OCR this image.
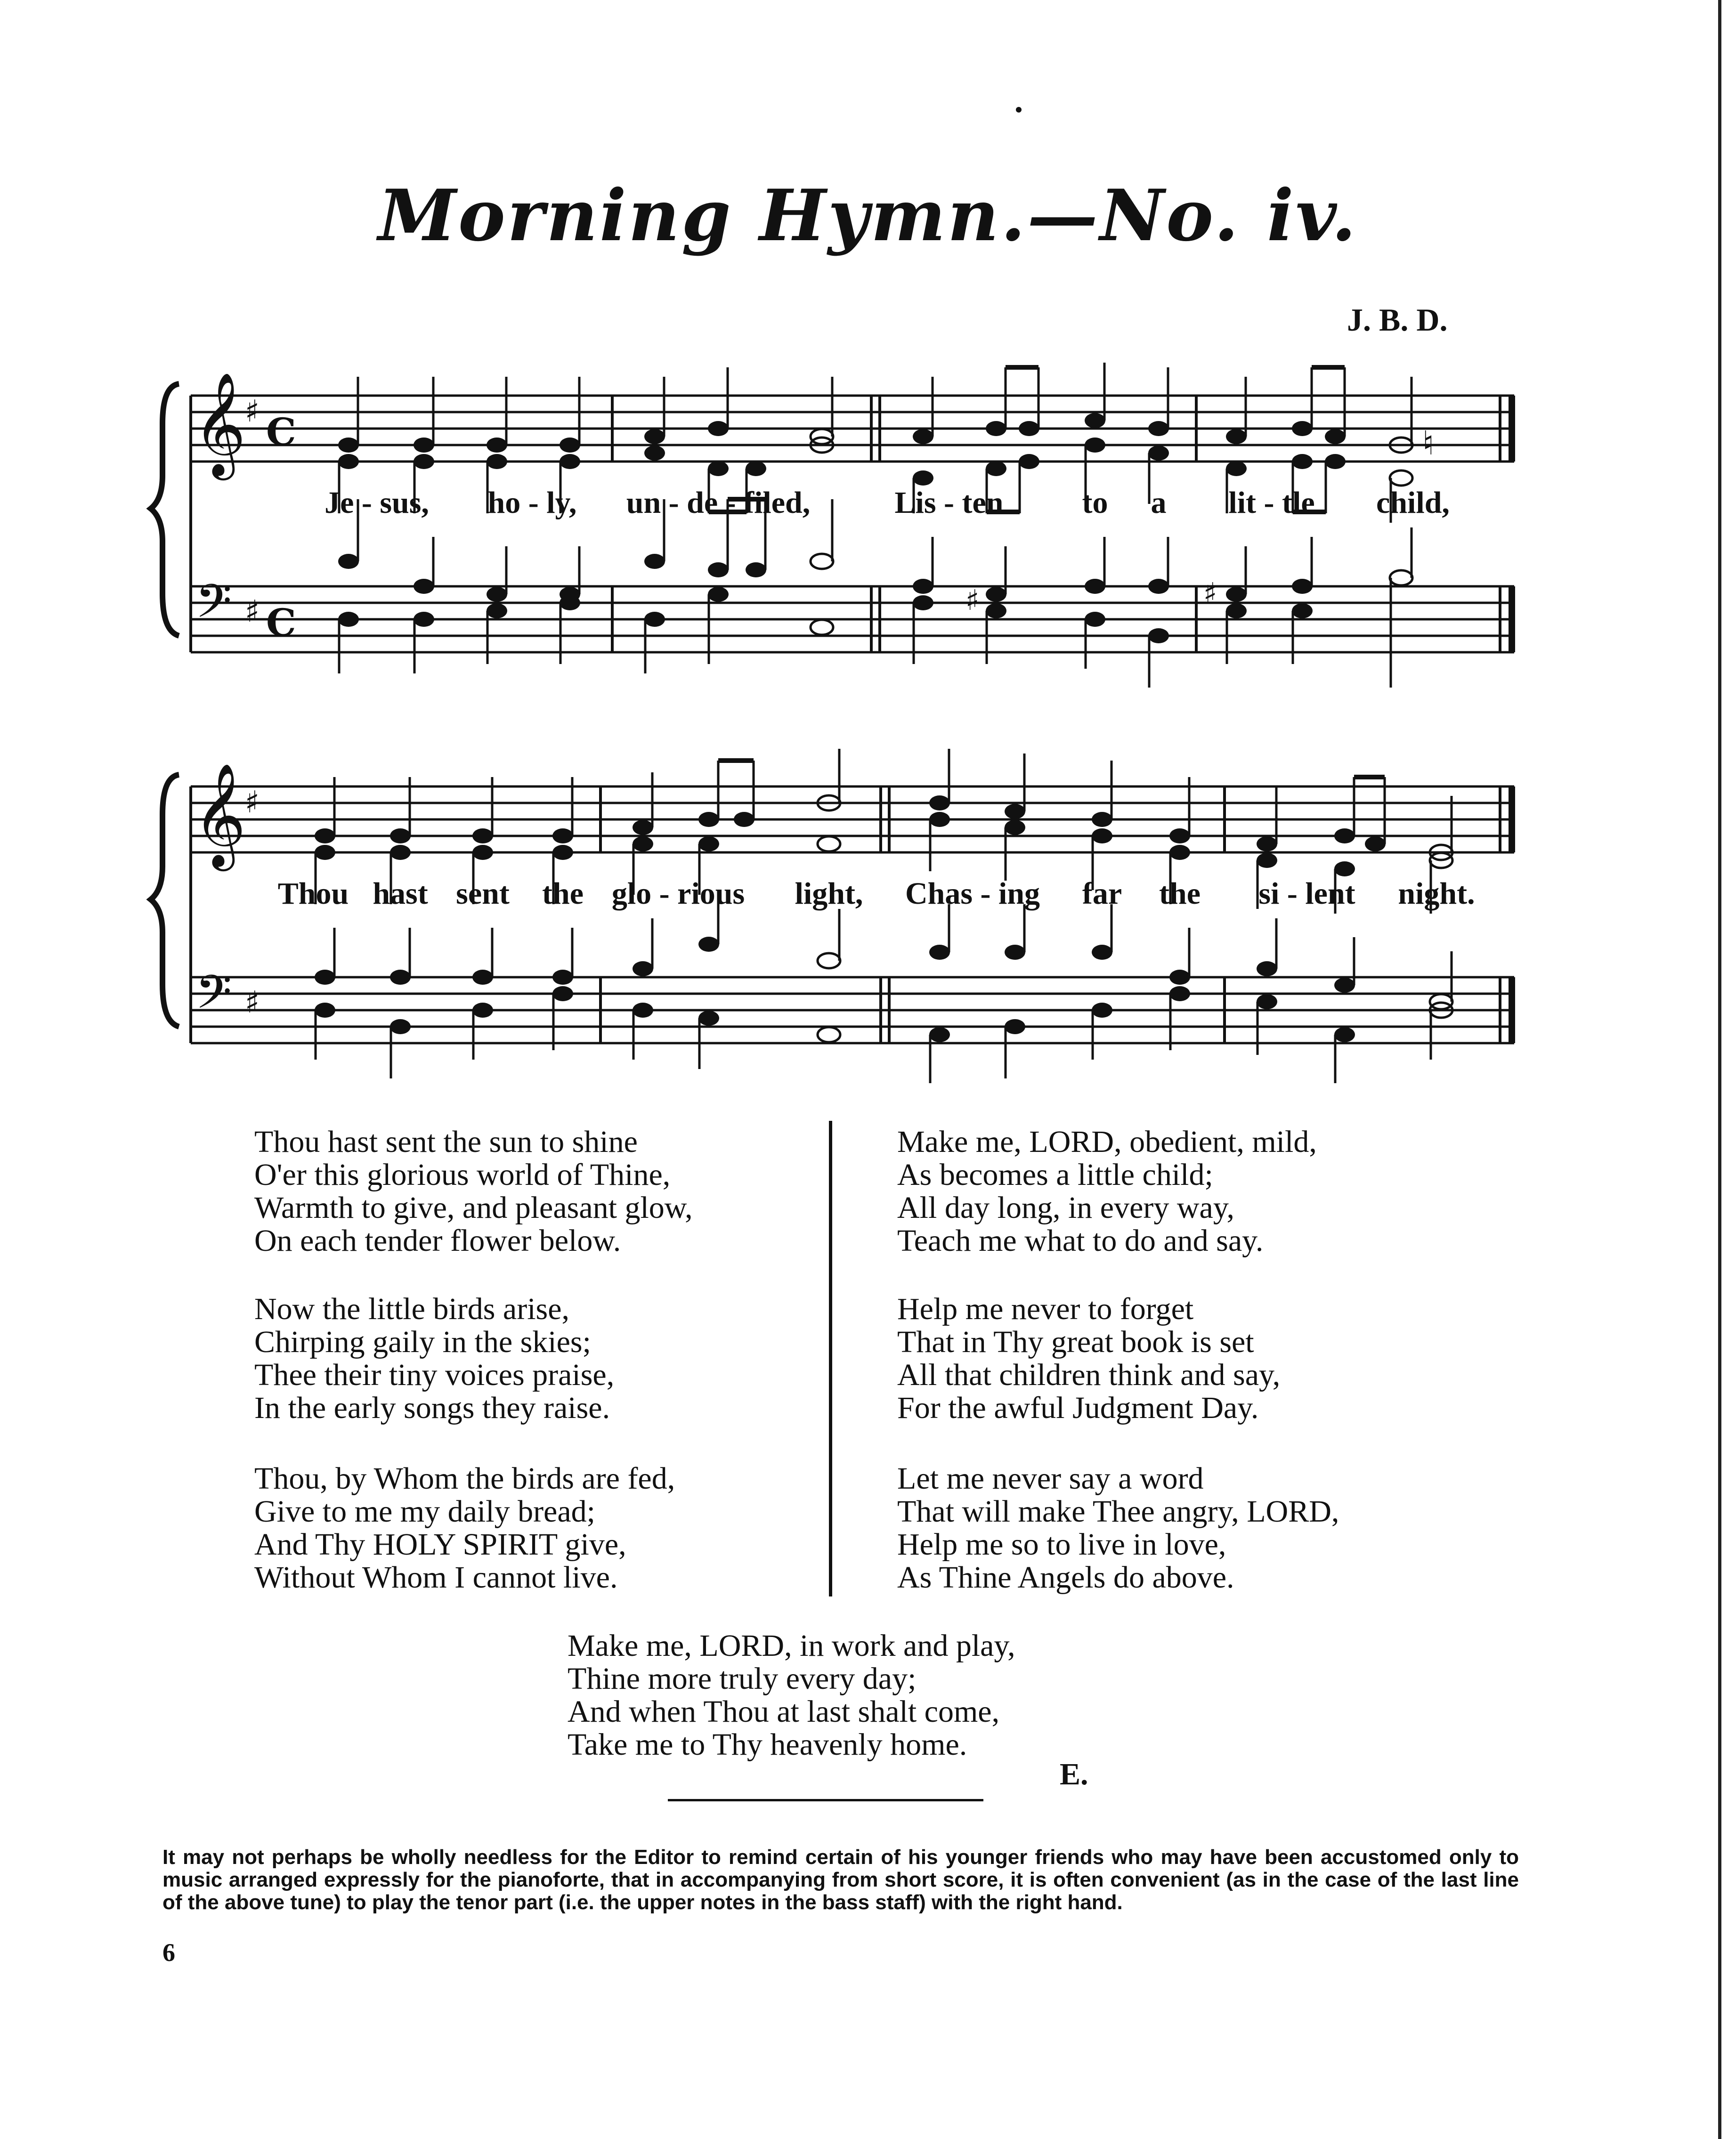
Morning Hymn.—No. iv.
J. B. D.
𝄞
♯ C
𝄢 ♯ C
♮
♯	♯
Je - sus, ho - ly, un - de - filed,	Lis - ten	to a lit - tle child,
𝄞
♯
𝄢 ♯
Thou hast sent the glo - rious light, Chas - ing far the si - lent night.
Thou hast sent the sun to shine
O'er this glorious world of Thine,
Warmth to give, and pleasant glow,
On each tender flower below.
Now the little birds arise,
Chirping gaily in the skies;
Thee their tiny voices praise,
In the early songs they raise.
Thou, by Whom the birds are fed,
Give to me my daily bread;
And Thy HOLY SPIRIT give,
Without Whom I cannot live.
Make me, LORD, obedient, mild,
As becomes a little child;
All day long, in every way,
Teach me what to do and say.
Help me never to forget
That in Thy great book is set
All that children think and say,
For the awful Judgment Day.
Let me never say a word
That will make Thee angry, LORD,
Help me so to live in love,
As Thine Angels do above.
Make me, LORD, in work and play,
Thine more truly every day;
And when Thou at last shalt come,
Take me to Thy heavenly home.
E.
It may not perhaps be wholly needless for the Editor to remind certain of his younger friends who may have been accustomed only to music arranged expressly for the pianoforte, that in accompanying from short score, it is often convenient (as in the case of the last line of the above tune) to play the tenor part (i.e. the upper notes in the bass staff) with the right hand.
6
